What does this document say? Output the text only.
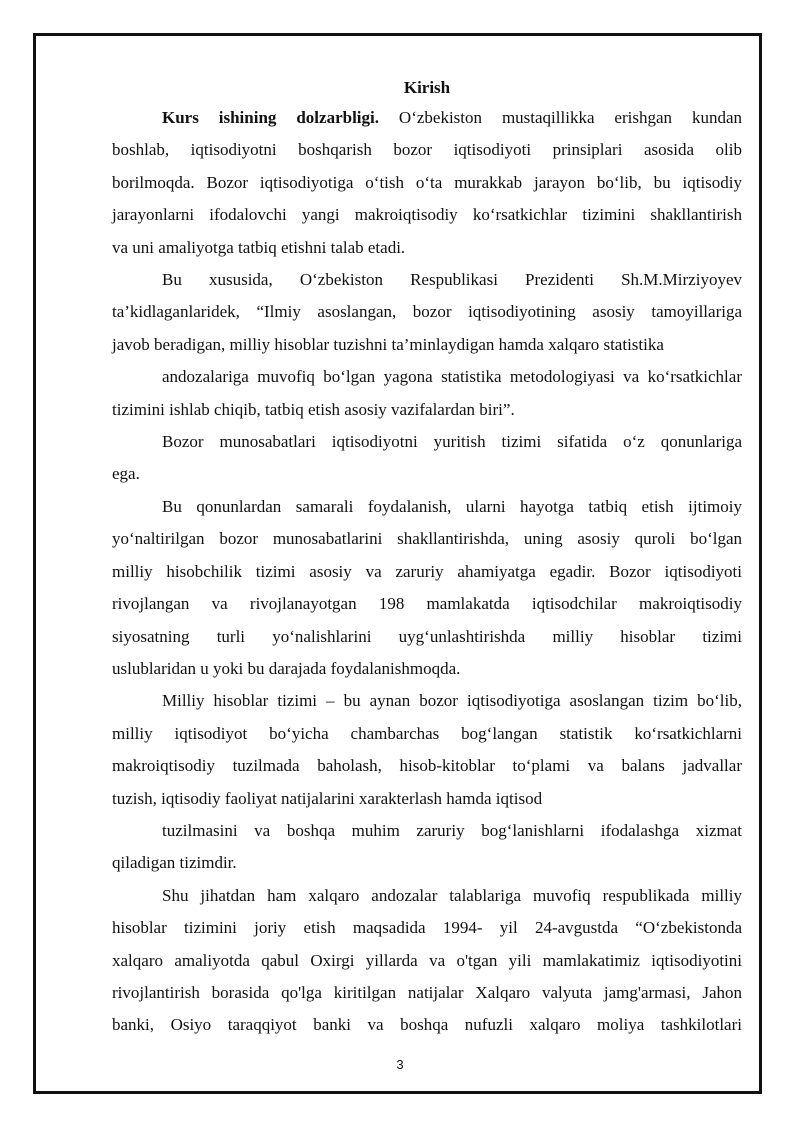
Kirish
Kurs ishining dolzarbligi. O‘zbekiston mustaqillikka erishgan kundan
boshlab, iqtisodiyotni boshqarish bozor iqtisodiyoti prinsiplari asosida olib
borilmoqda. Bozor iqtisodiyotiga o‘tish o‘ta murakkab jarayon bo‘lib, bu iqtisodiy
jarayonlarni ifodalovchi yangi makroiqtisodiy ko‘rsatkichlar tizimini shakllantirish
va uni amaliyotga tatbiq etishni talab etadi.
Bu xususida, O‘zbekiston Respublikasi Prezidenti Sh.M.Mirziyoyev
ta’kidlaganlaridek, “Ilmiy asoslangan, bozor iqtisodiyotining asosiy tamoyillariga
javob beradigan, milliy hisoblar tuzishni ta’minlaydigan hamda xalqaro statistika
andozalariga muvofiq bo‘lgan yagona statistika metodologiyasi va ko‘rsatkichlar
tizimini ishlab chiqib, tatbiq etish asosiy vazifalardan biri”.
Bozor munosabatlari iqtisodiyotni yuritish tizimi sifatida o‘z qonunlariga
ega.
Bu qonunlardan samarali foydalanish, ularni hayotga tatbiq etish ijtimoiy
yo‘naltirilgan bozor munosabatlarini shakllantirishda, uning asosiy quroli bo‘lgan
milliy hisobchilik tizimi asosiy va zaruriy ahamiyatga egadir. Bozor iqtisodiyoti
rivojlangan va rivojlanayotgan 198 mamlakatda iqtisodchilar makroiqtisodiy
siyosatning turli yo‘nalishlarini uyg‘unlashtirishda milliy hisoblar tizimi
uslublaridan u yoki bu darajada foydalanishmoqda.
Milliy hisoblar tizimi – bu aynan bozor iqtisodiyotiga asoslangan tizim bo‘lib,
milliy iqtisodiyot bo‘yicha chambarchas bog‘langan statistik ko‘rsatkichlarni
makroiqtisodiy tuzilmada baholash, hisob-kitoblar to‘plami va balans jadvallar
tuzish, iqtisodiy faoliyat natijalarini xarakterlash hamda iqtisod
tuzilmasini va boshqa muhim zaruriy bog‘lanishlarni ifodalashga xizmat
qiladigan tizimdir.
Shu jihatdan ham xalqaro andozalar talablariga muvofiq respublikada milliy
hisoblar tizimini joriy etish maqsadida 1994- yil 24-avgustda “O‘zbekistonda
xalqaro amaliyotda qabul Oxirgi yillarda va o'tgan yili mamlakatimiz iqtisodiyotini
rivojlantirish borasida qo'lga kiritilgan natijalar Xalqaro valyuta jamg'armasi, Jahon
banki, Osiyo taraqqiyot banki va boshqa nufuzli xalqaro moliya tashkilotlari
3
